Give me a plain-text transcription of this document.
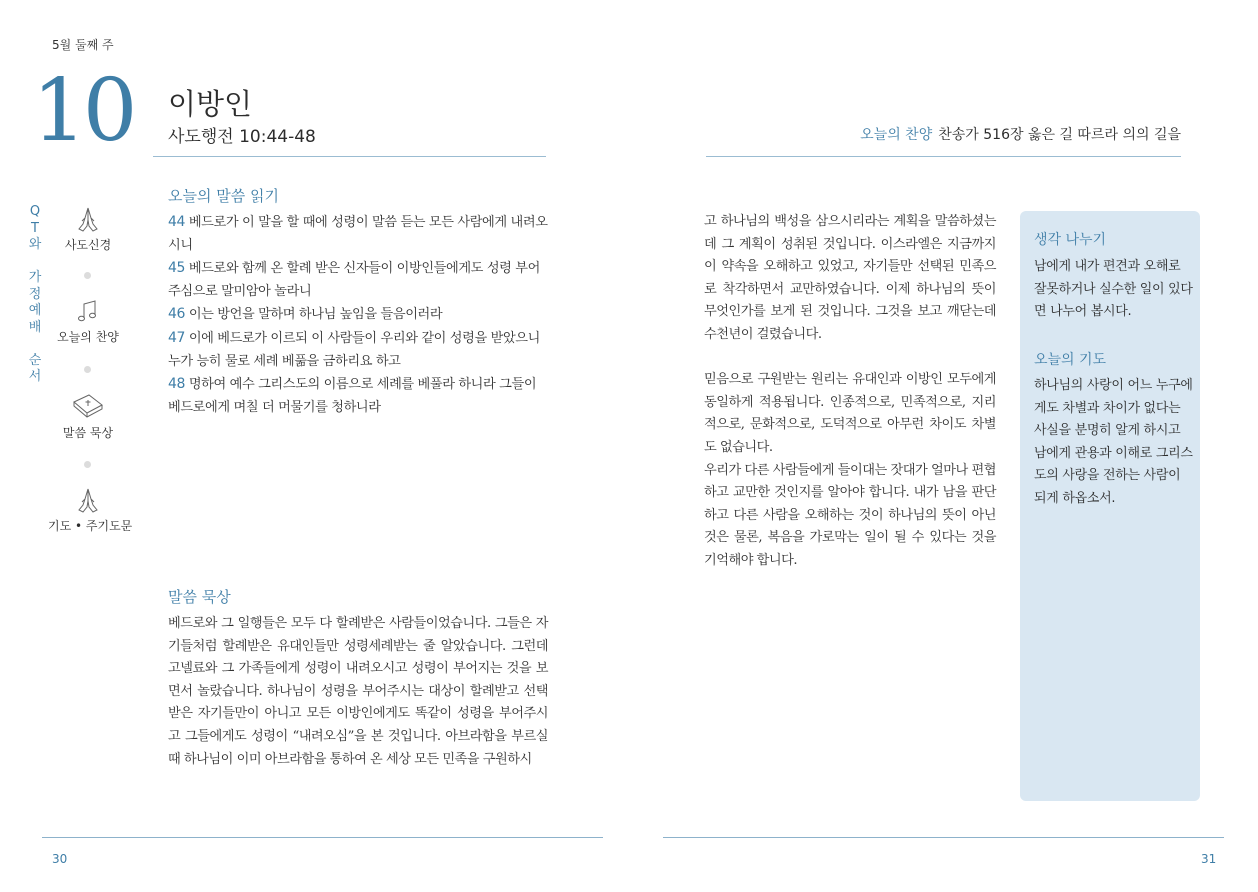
5월 둘째 주
10 이방인
사도행전 10:44-48	오늘의 찬양 찬송가 516장 옳은 길 따르라 의의 길을
Q
T
와

가
정
예
배

순
서
사도신경
오늘의 찬양
말씀 묵상
기도 • 주기도문
오늘의 말씀 읽기
44 베드로가 이 말을 할 때에 성령이 말씀 듣는 모든 사람에게 내려오시니
45 베드로와 함께 온 할례 받은 신자들이 이방인들에게도 성령 부어 주심으로 말미암아 놀라니
46 이는 방언을 말하며 하나님 높임을 들음이러라
47 이에 베드로가 이르되 이 사람들이 우리와 같이 성령을 받았으니 누가 능히 물로 세례 베풂을 금하리요 하고
48 명하여 예수 그리스도의 이름으로 세례를 베풀라 하니라 그들이 베드로에게 며칠 더 머물기를 청하니라
말씀 묵상

베드로와 그 일행들은 모두 다 할례받은 사람들이었습니다. 그들은 자기들처럼 할례받은 유대인들만 성령세례받는 줄 알았습니다. 그런데 고넬료와 그 가족들에게 성령이 내려오시고 성령이 부어지는 것을 보면서 놀랐습니다. 하나님이 성령을 부어주시는 대상이 할례받고 선택받은 자기들만이 아니고 모든 이방인에게도 똑같이 성령을 부어주시고 그들에게도 성령이 “내려오심”을 본 것입니다. 아브라함을 부르실 때 하나님이 이미 아브라함을 통하여 온 세상 모든 민족을 구원하시

고 하나님의 백성을 삼으시리라는 계획을 말씀하셨는데 그 계획이 성취된 것입니다. 이스라엘은 지금까지 이 약속을 오해하고 있었고, 자기들만 선택된 민족으로 착각하면서 교만하였습니다. 이제 하나님의 뜻이 무엇인가를 보게 된 것입니다. 그것을 보고 깨닫는데 수천년이 걸렸습니다.

믿음으로 구원받는 원리는 유대인과 이방인 모두에게 동일하게 적용됩니다. 인종적으로, 민족적으로, 지리적으로, 문화적으로, 도덕적으로 아무런 차이도 차별도 없습니다.

우리가 다른 사람들에게 들이대는 잣대가 얼마나 편협하고 교만한 것인지를 알아야 합니다. 내가 남을 판단하고 다른 사람을 오해하는 것이 하나님의 뜻이 아닌 것은 물론, 복음을 가로막는 일이 될 수 있다는 것을 기억해야 합니다.

생각 나누기
남에게 내가 편견과 오해로 잘못하거나 실수한 일이 있다면 나누어 봅시다.
오늘의 기도
하나님의 사랑이 어느 누구에게도 차별과 차이가 없다는 사실을 분명히 알게 하시고 남에게 관용과 이해로 그리스도의 사랑을 전하는 사람이 되게 하옵소서.
30	31
